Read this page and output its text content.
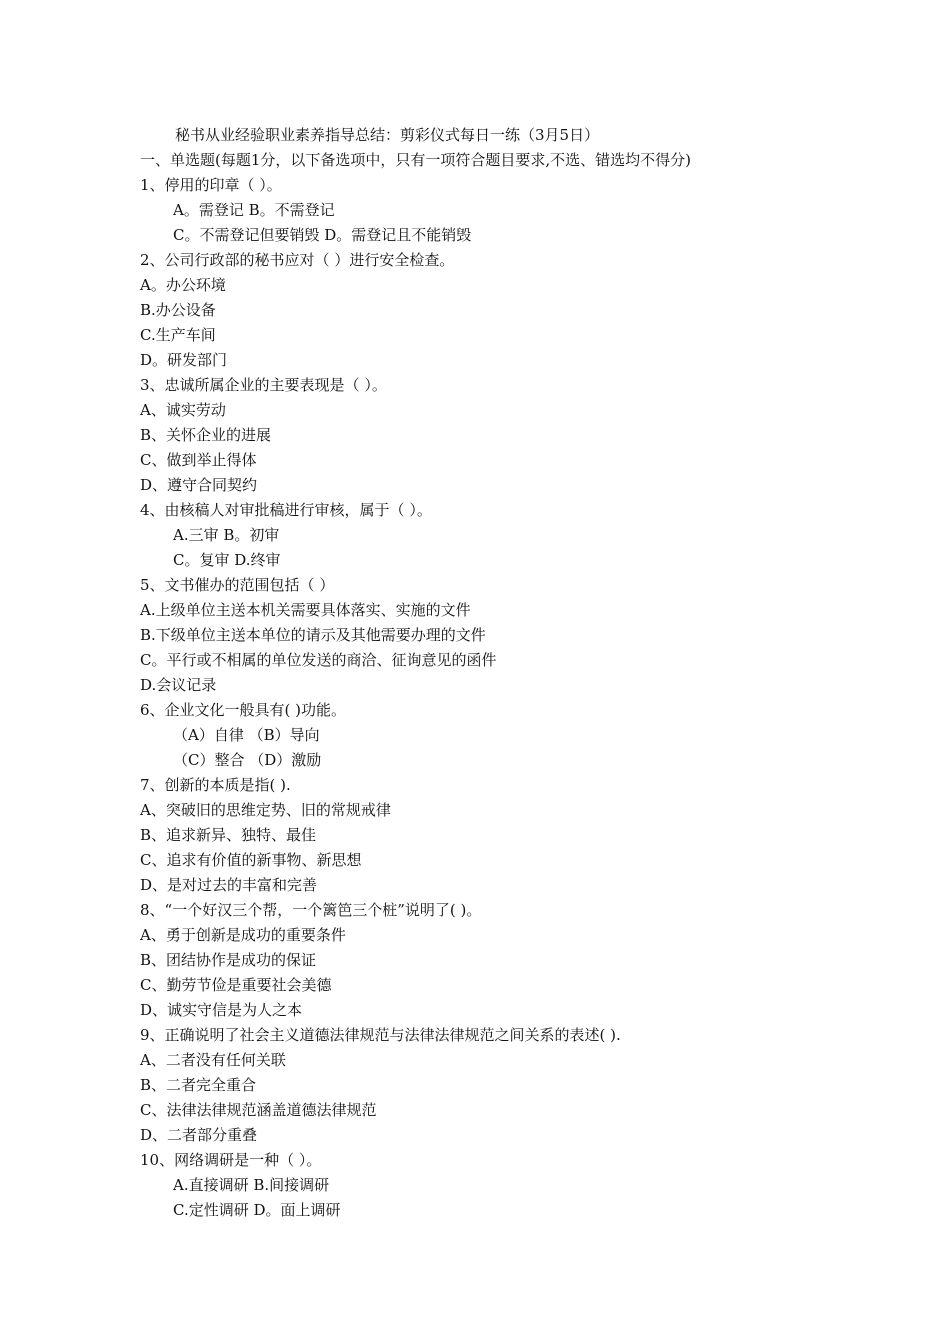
秘书从业经验职业素养指导总结：剪彩仪式每日一练（3月5日）

一、单选题(每题1分，以下备选项中，只有一项符合题目要求,不选、错选均不得分)

1、停用的印章（ ）。

A。需登记 B。不需登记

C。不需登记但要销毁 D。需登记且不能销毁

2、公司行政部的秘书应对（ ）进行安全检查。

A。办公环境

B.办公设备

C.生产车间

D。研发部门

3、忠诚所属企业的主要表现是（ ）。

A、诚实劳动

B、关怀企业的进展

C、做到举止得体

D、遵守合同契约

4、由核稿人对审批稿进行审核，属于（ ）。

A.三审 B。初审

C。复审 D.终审

5、文书催办的范围包括（ ）

A.上级单位主送本机关需要具体落实、实施的文件

B.下级单位主送本单位的请示及其他需要办理的文件

C。平行或不相属的单位发送的商洽、征询意见的函件

D.会议记录

6、企业文化一般具有( )功能。

（A）自律 （B）导向

（C）整合 （D）激励

7、创新的本质是指( ).

A、突破旧的思维定势、旧的常规戒律

B、追求新异、独特、最佳

C、追求有价值的新事物、新思想

D、是对过去的丰富和完善

8、“一个好汉三个帮，一个篱笆三个桩”说明了( )。

A、勇于创新是成功的重要条件

B、团结协作是成功的保证

C、勤劳节俭是重要社会美德

D、诚实守信是为人之本

9、正确说明了社会主义道德法律规范与法律法律规范之间关系的表述( ).

A、二者没有任何关联

B、二者完全重合

C、法律法律规范涵盖道德法律规范

D、二者部分重叠

10、网络调研是一种（ ）。

A.直接调研 B.间接调研

C.定性调研 D。面上调研
